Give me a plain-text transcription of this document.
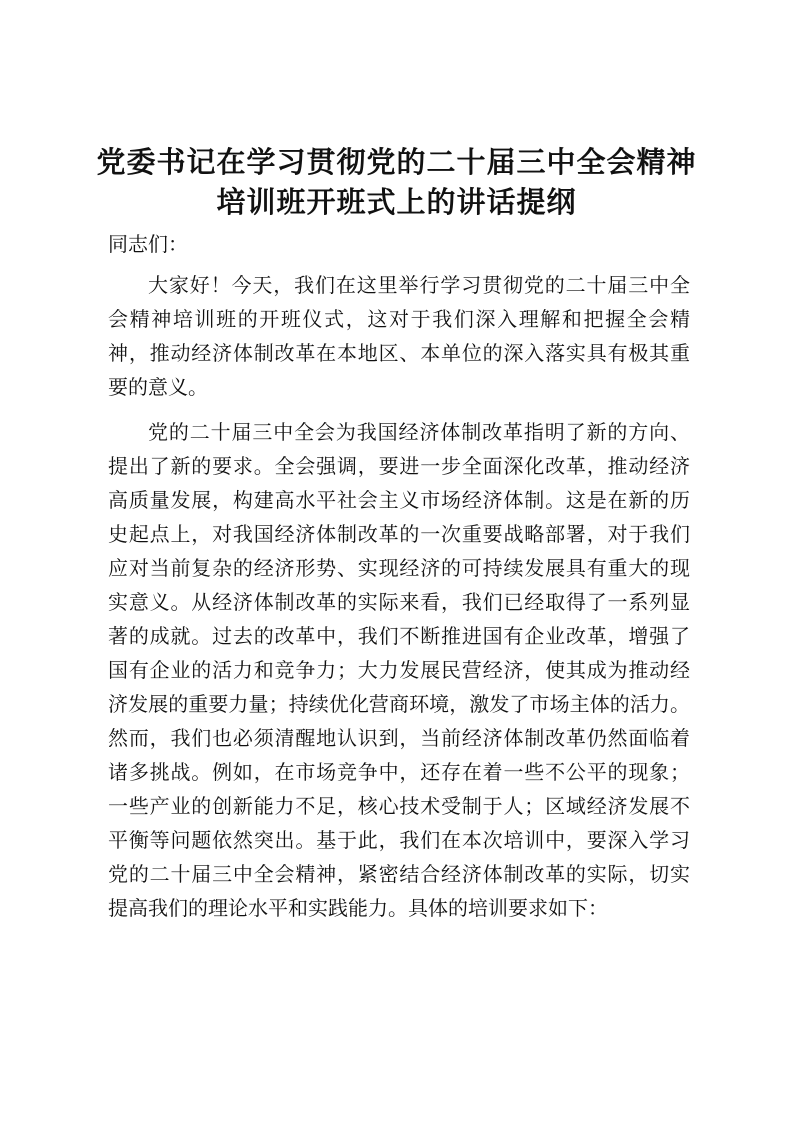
党委书记在学习贯彻党的二十届三中全会精神
培训班开班式上的讲话提纲
同志们：
大家好！今天，我们在这里举行学习贯彻党的二十届三中全
会精神培训班的开班仪式，这对于我们深入理解和把握全会精
神，推动经济体制改革在本地区、本单位的深入落实具有极其重
要的意义。
党的二十届三中全会为我国经济体制改革指明了新的方向、
提出了新的要求。全会强调，要进一步全面深化改革，推动经济
高质量发展，构建高水平社会主义市场经济体制。这是在新的历
史起点上，对我国经济体制改革的一次重要战略部署，对于我们
应对当前复杂的经济形势、实现经济的可持续发展具有重大的现
实意义。从经济体制改革的实际来看，我们已经取得了一系列显
著的成就。过去的改革中，我们不断推进国有企业改革，增强了
国有企业的活力和竞争力；大力发展民营经济，使其成为推动经
济发展的重要力量；持续优化营商环境，激发了市场主体的活力。
然而，我们也必须清醒地认识到，当前经济体制改革仍然面临着
诸多挑战。例如，在市场竞争中，还存在着一些不公平的现象；
一些产业的创新能力不足，核心技术受制于人；区域经济发展不
平衡等问题依然突出。基于此，我们在本次培训中，要深入学习
党的二十届三中全会精神，紧密结合经济体制改革的实际，切实
提高我们的理论水平和实践能力。具体的培训要求如下：
